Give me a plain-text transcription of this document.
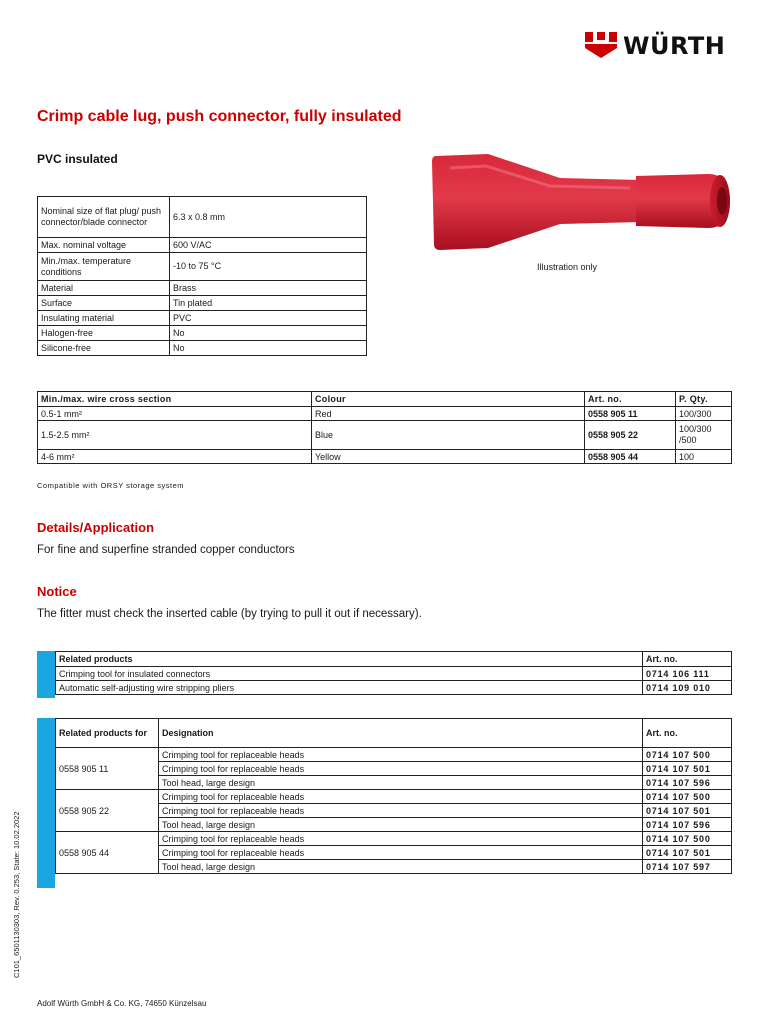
WÜRTH
Crimp cable lug, push connector, fully insulated
PVC insulated
Nominal size of flat plug/ push connector/blade connector	6.3 x 0.8 mm
Max. nominal voltage	600 V/AC
Min./max. temperature conditions	-10 to 75 °C
Material	Brass
Surface	Tin plated
Insulating material	PVC
Halogen-free	No
Silicone-free	No
Illustration only
Min./max. wire cross section	Colour	Art. no.	P. Qty.
0.5-1 mm²	Red	0558 905 11	100/300
1.5-2.5 mm²	Blue	0558 905 22	100/300 /500
4-6 mm²	Yellow	0558 905 44	100
Compatible with ORSY storage system
Details/Application
For fine and superfine stranded copper conductors
Notice
The fitter must check the inserted cable (by trying to pull it out if necessary).
Related products	Art. no.
Crimping tool for insulated connectors	0714 106 111
Automatic self-adjusting wire stripping pliers	0714 109 010
Related products for	Designation	Art. no.
0558 905 11	Crimping tool for replaceable heads	0714 107 500
	Crimping tool for replaceable heads	0714 107 501
	Tool head, large design	0714 107 596
0558 905 22	Crimping tool for replaceable heads	0714 107 500
	Crimping tool for replaceable heads	0714 107 501
	Tool head, large design	0714 107 596
0558 905 44	Crimping tool for replaceable heads	0714 107 500
	Crimping tool for replaceable heads	0714 107 501
	Tool head, large design	0714 107 597
C101_6501130303, Rev. 0.253, State: 10.02.2022
Adolf Würth GmbH & Co. KG, 74650 Künzelsau
